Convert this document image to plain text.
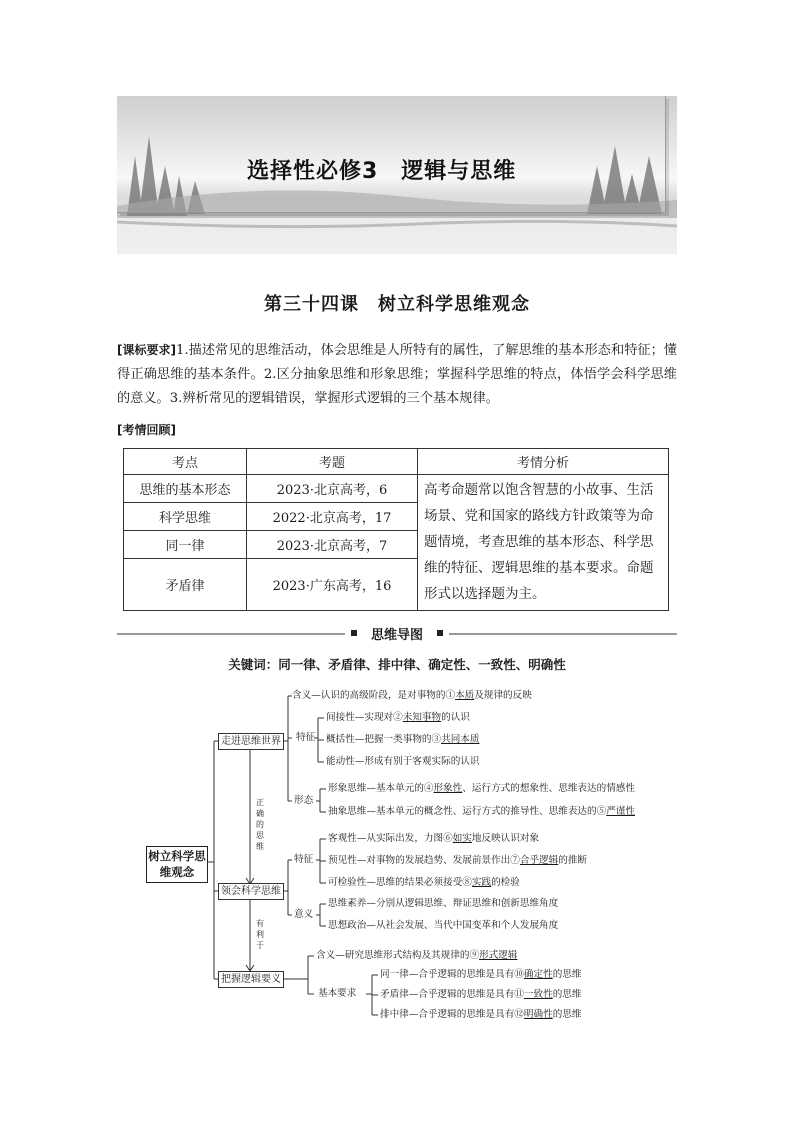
选择性必修3　逻辑与思维
第三十四课　树立科学思维观念
[课标要求]1.描述常见的思维活动，体会思维是人所特有的属性，了解思维的基本形态和特征；懂得正确思维的基本条件。2.区分抽象思维和形象思维；掌握科学思维的特点，体悟学会科学思维的意义。3.辨析常见的逻辑错误，掌握形式逻辑的三个基本规律。
[考情回顾]
考点	考题	考情分析
思维的基本形态	2023·北京高考，6	高考命题常以饱含智慧的小故事、生活场景、党和国家的路线方针政策等为命题情境，考查思维的基本形态、科学思维的特征、逻辑思维的基本要求。命题形式以选择题为主。
科学思维	2022·北京高考，17	
同一律	2023·北京高考，7	
矛盾律	2023·广东高考，16	
思维导图
关键词：同一律、矛盾律、排中律、确定性、一致性、明确性
树立科学思维观念
走进思维世界
领会科学思维
把握逻辑要义
正确的思维
有利于
含义—认识的高级阶段，是对事物的①本质及规律的反映
特征
间接性—实现对②未知事物的认识
概括性—把握一类事物的③共同本质
能动性—形成有别于客观实际的认识
形态
形象思维—基本单元的④形象性、运行方式的想象性、思维表达的情感性
抽象思维—基本单元的概念性、运行方式的推导性、思维表达的⑤严谨性
特征
客观性—从实际出发，力图⑥如实地反映认识对象
预见性—对事物的发展趋势、发展前景作出⑦合乎逻辑的推断
可检验性—思维的结果必须接受⑧实践的检验
意义
思维素养—分别从逻辑思维、辩证思维和创新思维角度
思想政治—从社会发展、当代中国变革和个人发展角度
含义—研究思维形式结构及其规律的⑨形式逻辑
基本要求
同一律—合乎逻辑的思维是具有⑩确定性的思维
矛盾律—合乎逻辑的思维是具有⑪一致性的思维
排中律—合乎逻辑的思维是具有⑫明确性的思维
